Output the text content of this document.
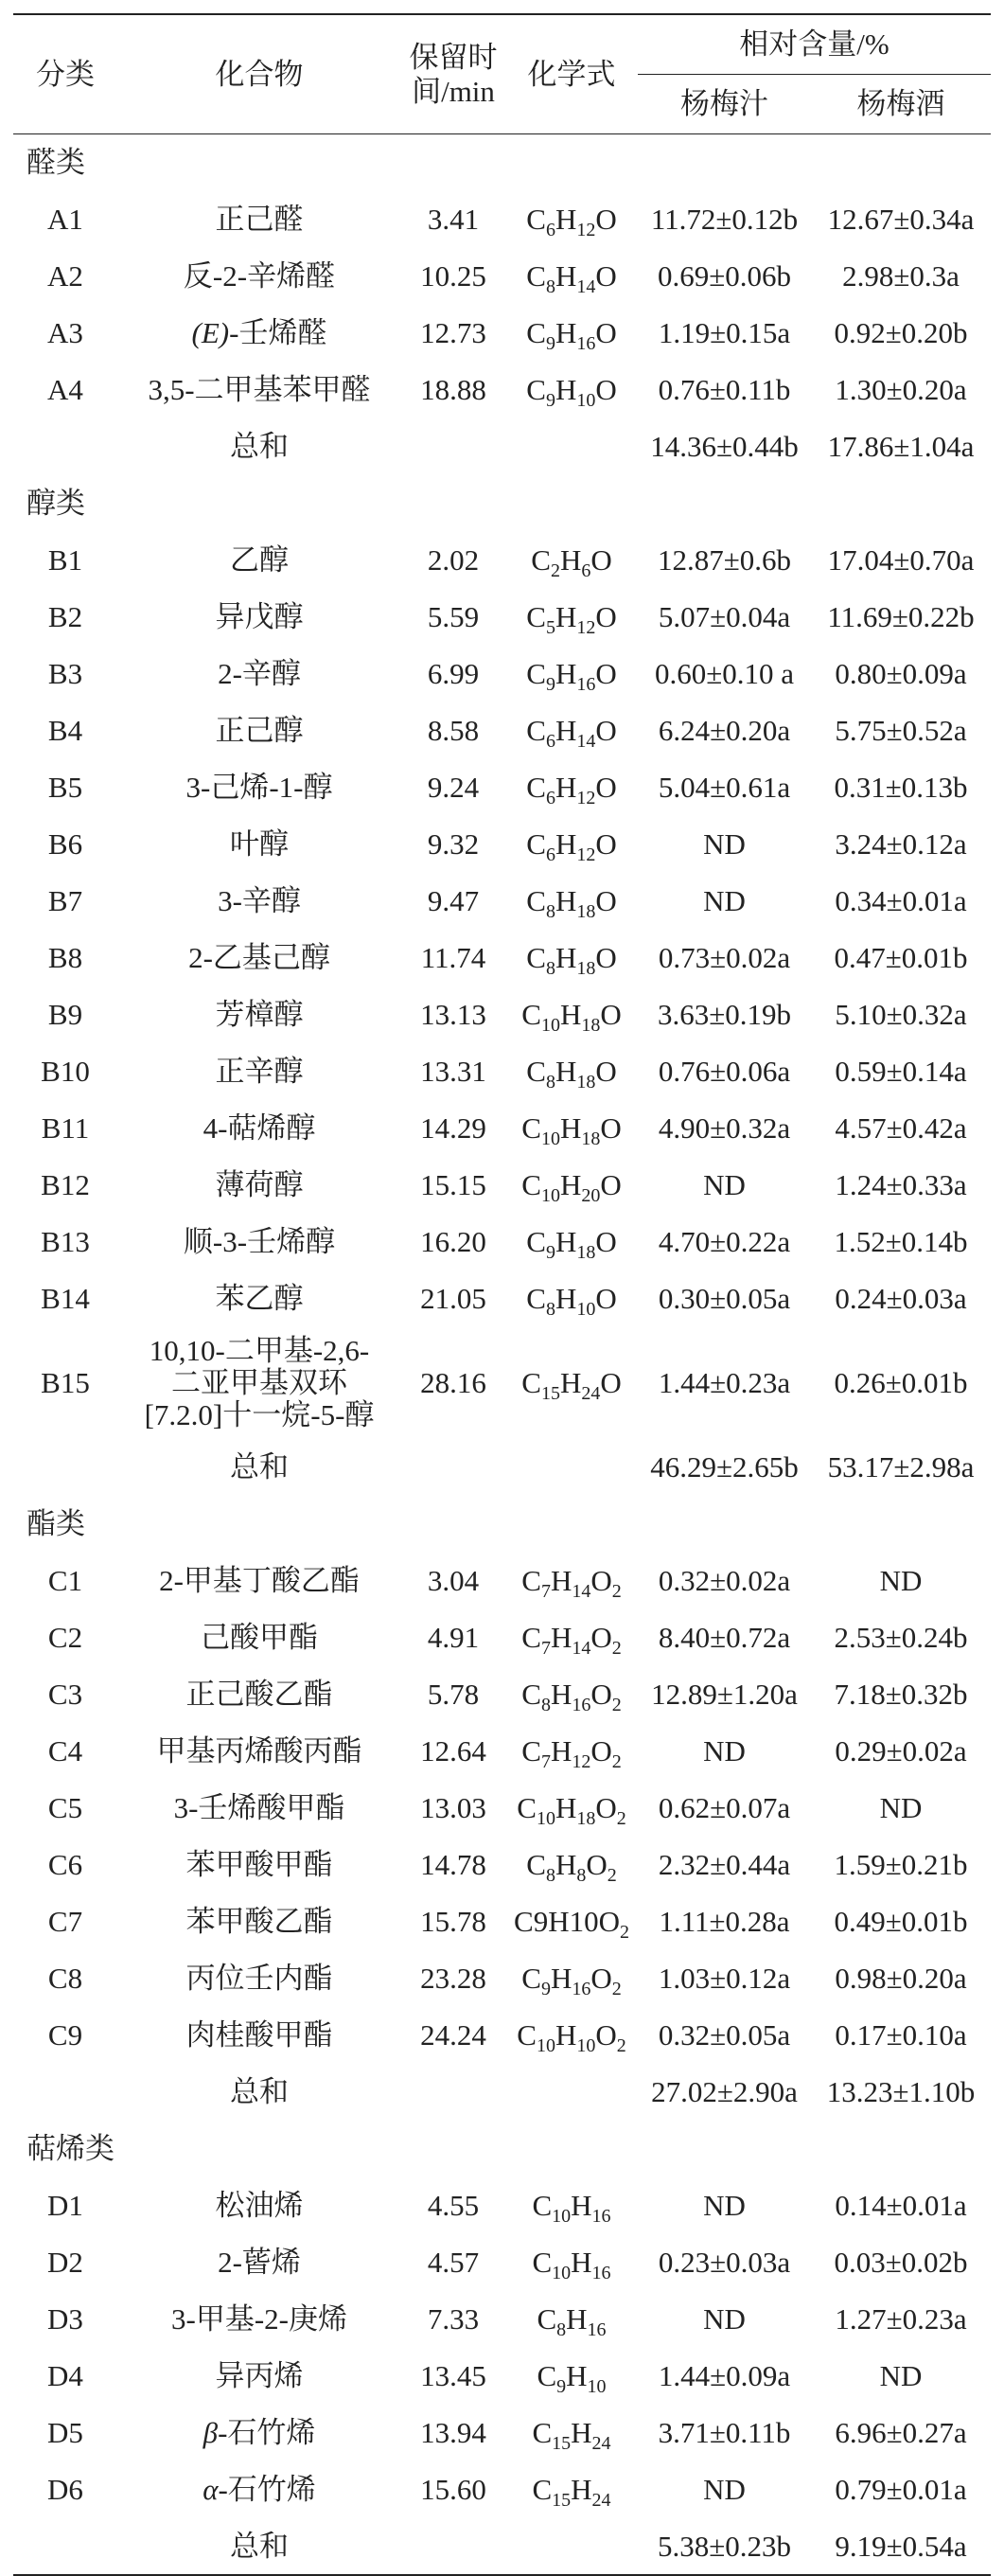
分类	化合物	保留时间/min	化学式	相对含量/%	
				杨梅汁	杨梅酒
醛类					
A1	正己醛	3.41	$C_6H_{12}O$	11.72±0.12b	12.67±0.34a
A2	反-2-辛烯醛	10.25	$C_8H_{14}O$	0.69±0.06b	2.98±0.3a
A3	(E)-壬烯醛	12.73	$C_9H_{16}O$	1.19±0.15a	0.92±0.20b
A4	3,5-二甲基苯甲醛	18.88	$C_9H_{10}O$	0.76±0.11b	1.30±0.20a
	总和			14.36±0.44b	17.86±1.04a
醇类					
B1	乙醇	2.02	$C_2H_6O$	12.87±0.6b	17.04±0.70a
B2	异戊醇	5.59	$C_5H_{12}O$	5.07±0.04a	11.69±0.22b
B3	2-辛醇	6.99	$C_9H_{16}O$	0.60±0.10 a	0.80±0.09a
B4	正己醇	8.58	$C_6H_{14}O$	6.24±0.20a	5.75±0.52a
B5	3-己烯-1-醇	9.24	$C_6H_{12}O$	5.04±0.61a	0.31±0.13b
B6	叶醇	9.32	$C_6H_{12}O$	ND	3.24±0.12a
B7	3-辛醇	9.47	$C_8H_{18}O$	ND	0.34±0.01a
B8	2-乙基己醇	11.74	$C_8H_{18}O$	0.73±0.02a	0.47±0.01b
B9	芳樟醇	13.13	$C_{10}H_{18}O$	3.63±0.19b	5.10±0.32a
B10	正辛醇	13.31	$C_8H_{18}O$	0.76±0.06a	0.59±0.14a
B11	4-萜烯醇	14.29	$C_{10}H_{18}O$	4.90±0.32a	4.57±0.42a
B12	薄荷醇	15.15	$C_{10}H_{20}O$	ND	1.24±0.33a
B13	顺-3-壬烯醇	16.20	$C_9H_{18}O$	4.70±0.22a	1.52±0.14b
B14	苯乙醇	21.05	$C_8H_{10}O$	0.30±0.05a	0.24±0.03a
B15	10,10-二甲基-2,6-二亚甲基双环[7.2.0]十一烷-5-醇	28.16	$C_{15}H_{24}O$	1.44±0.23a	0.26±0.01b
	总和			46.29±2.65b	53.17±2.98a
酯类					
C1	2-甲基丁酸乙酯	3.04	$C_7H_{14}O_2$	0.32±0.02a	ND
C2	己酸甲酯	4.91	$C_7H_{14}O_2$	8.40±0.72a	2.53±0.24b
C3	正己酸乙酯	5.78	$C_8H_{16}O_2$	12.89±1.20a	7.18±0.32b
C4	甲基丙烯酸丙酯	12.64	$C_7H_{12}O_2$	ND	0.29±0.02a
C5	3-壬烯酸甲酯	13.03	$C_{10}H_{18}O_2$	0.62±0.07a	ND
C6	苯甲酸甲酯	14.78	$C_8H_8O_2$	2.32±0.44a	1.59±0.21b
C7	苯甲酸乙酯	15.78	$C9H10O_2$	1.11±0.28a	0.49±0.01b
C8	丙位壬内酯	23.28	$C_9H_{16}O_2$	1.03±0.12a	0.98±0.20a
C9	肉桂酸甲酯	24.24	$C_{10}H_{10}O_2$	0.32±0.05a	0.17±0.10a
	总和			27.02±2.90a	13.23±1.10b
萜烯类					
D1	松油烯	4.55	$C_{10}H_{16}$	ND	0.14±0.01a
D2	2-蒈烯	4.57	$C_{10}H_{16}$	0.23±0.03a	0.03±0.02b
D3	3-甲基-2-庚烯	7.33	$C_8H_{16}$	ND	1.27±0.23a
D4	异丙烯	13.45	$C_9H_{10}$	1.44±0.09a	ND
D5	β-石竹烯	13.94	$C_{15}H_{24}$	3.71±0.11b	6.96±0.27a
D6	α-石竹烯	15.60	$C_{15}H_{24}$	ND	0.79±0.01a
	总和			5.38±0.23b	9.19±0.54a
